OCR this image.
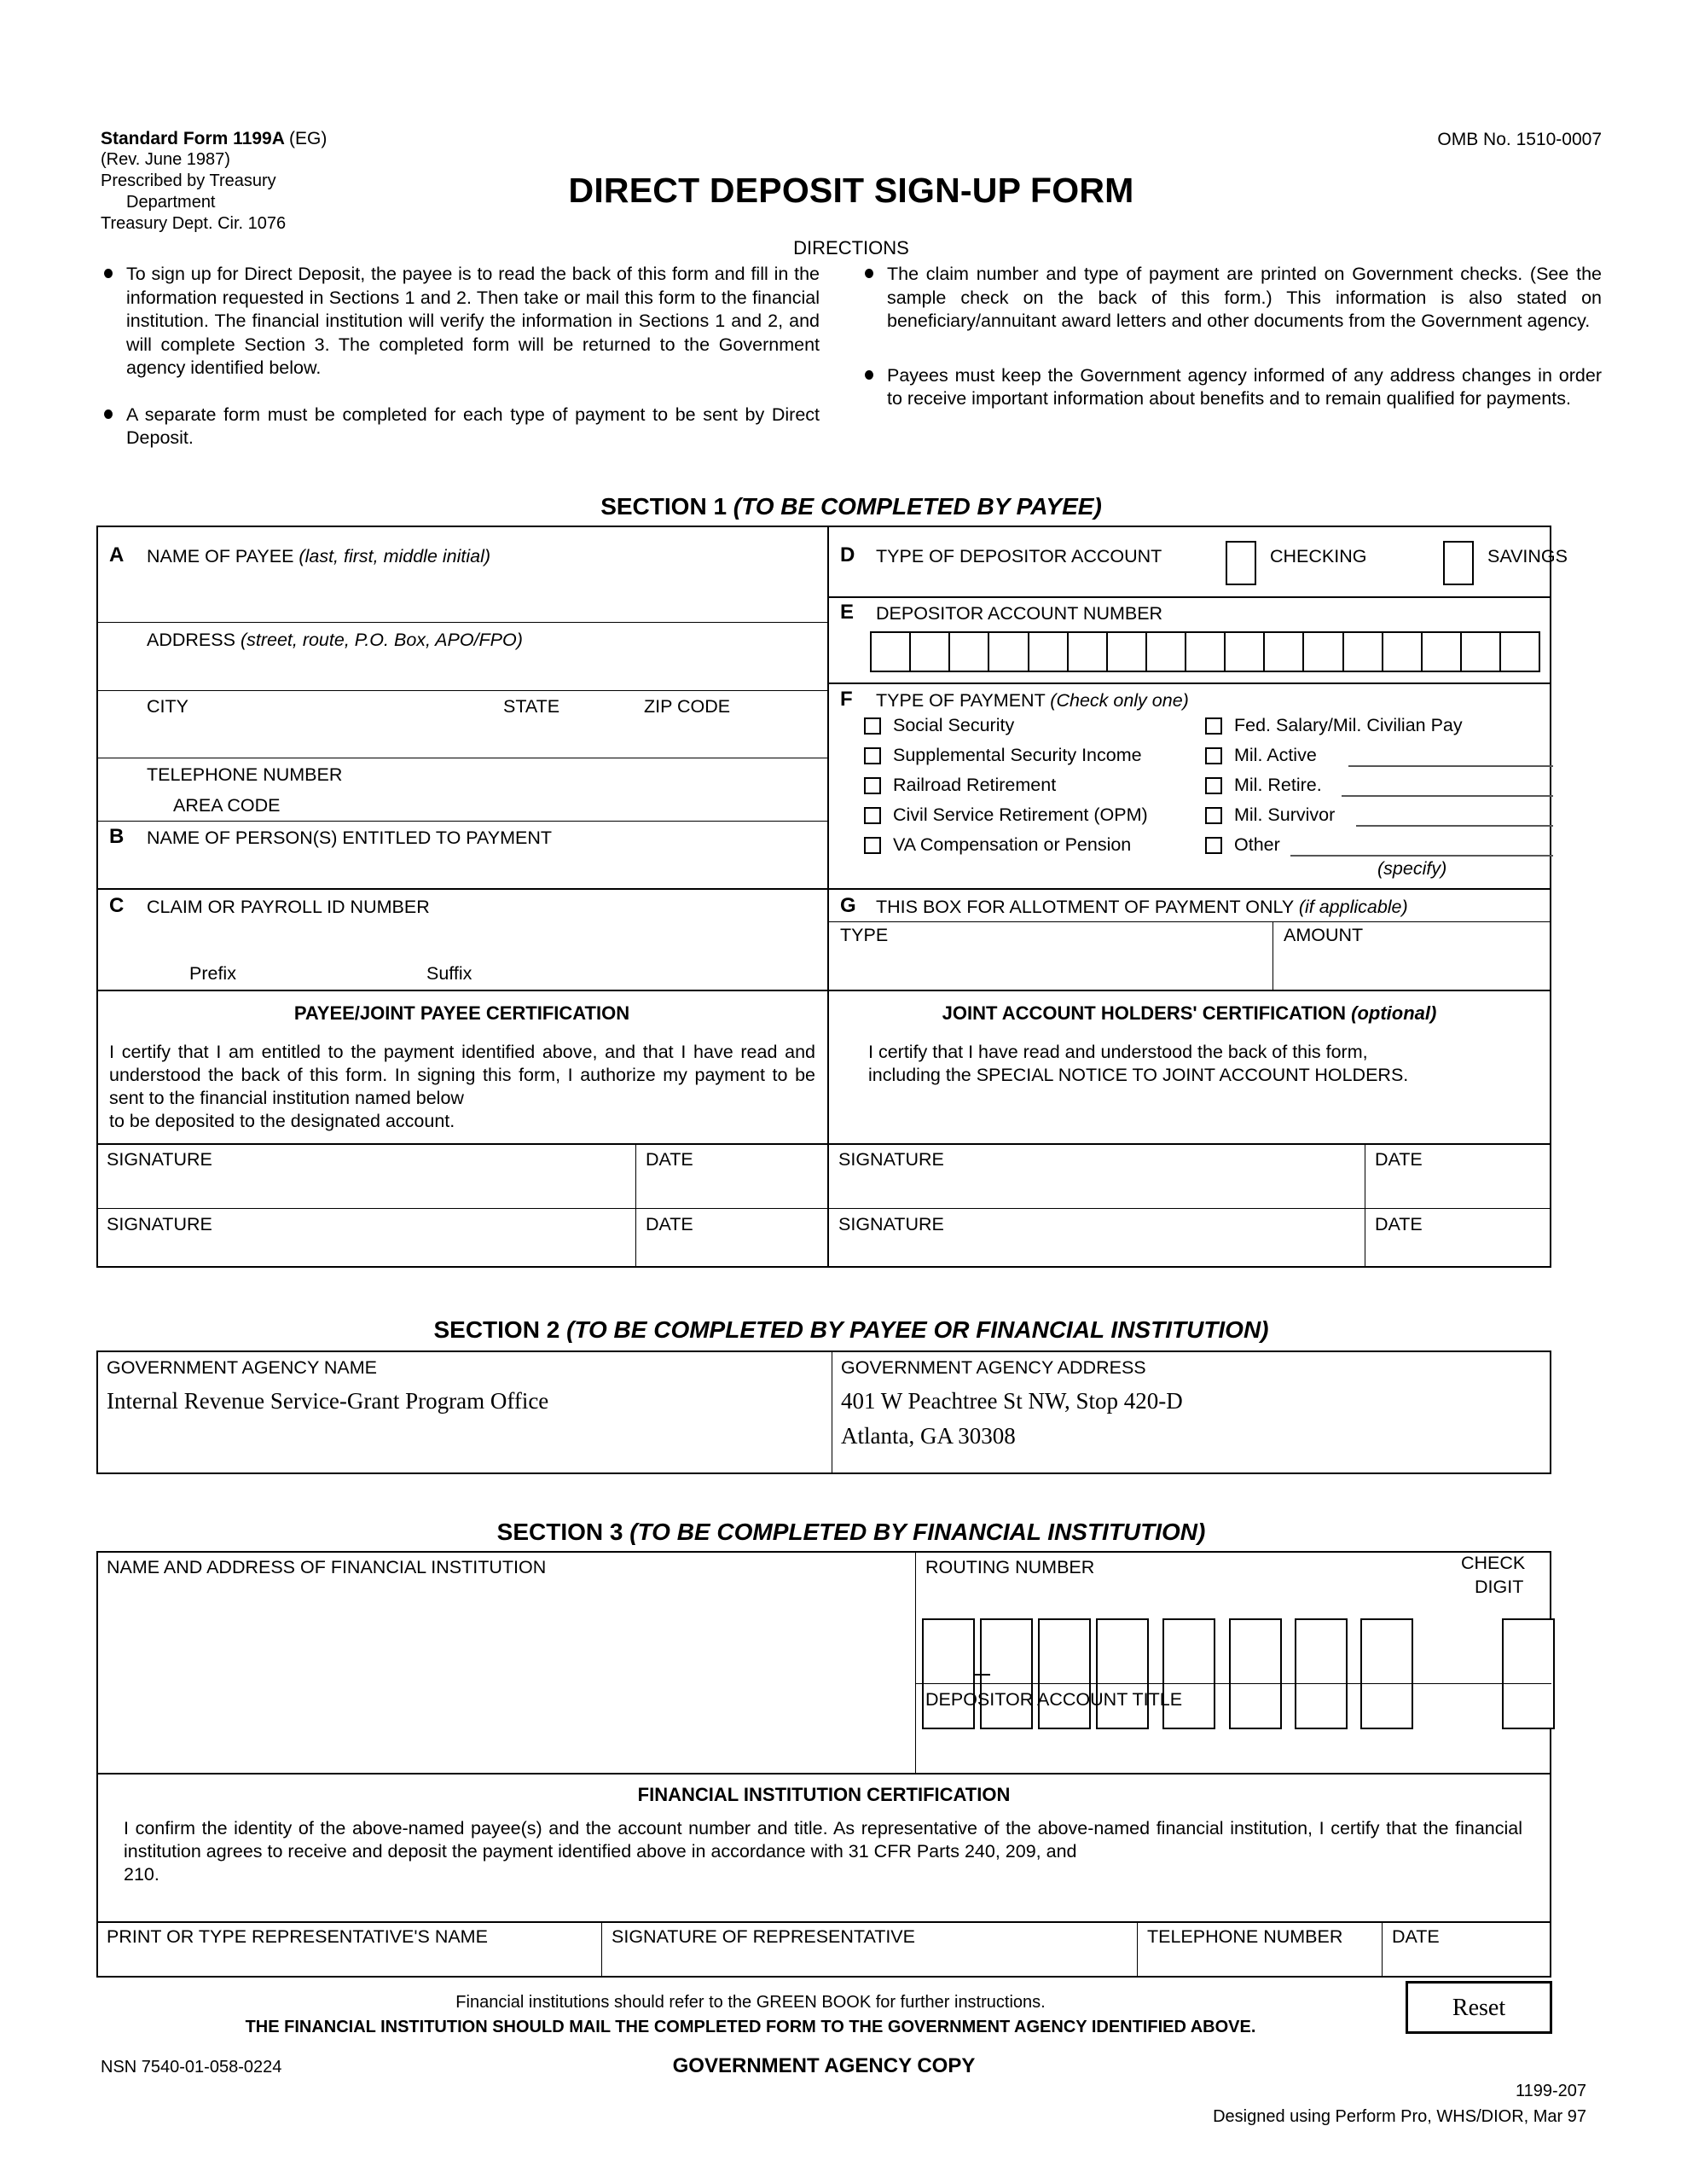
Standard Form 1199A (EG)
(Rev. June 1987)
Prescribed by Treasury
Department
Treasury Dept. Cir. 1076
OMB No. 1510-0007
DIRECT DEPOSIT SIGN-UP FORM
DIRECTIONS
To sign up for Direct Deposit, the payee is to read the back of this form and fill in the information requested in Sections 1 and 2. Then take or mail this form to the financial institution. The financial institution will verify the information in Sections 1 and 2, and will complete Section 3. The completed form will be returned to the Government agency identified below.
A separate form must be completed for each type of payment to be sent by Direct Deposit.
The claim number and type of payment are printed on Government checks. (See the sample check on the back of this form.) This information is also stated on beneficiary/annuitant award letters and other documents from the Government agency.
Payees must keep the Government agency informed of any address changes in order to receive important information about benefits and to remain qualified for payments.
SECTION 1 (TO BE COMPLETED BY PAYEE)
A NAME OF PAYEE (last, first, middle initial)
ADDRESS (street, route, P.O. Box, APO/FPO)
CITY	STATE	ZIP CODE
TELEPHONE NUMBER
AREA CODE
B NAME OF PERSON(S) ENTITLED TO PAYMENT
C CLAIM OR PAYROLL ID NUMBER
Prefix	Suffix
D TYPE OF DEPOSITOR ACCOUNT	CHECKING	SAVINGS
E DEPOSITOR ACCOUNT NUMBER
F TYPE OF PAYMENT (Check only one)
Social Security
Supplemental Security Income
Railroad Retirement
Civil Service Retirement (OPM)
VA Compensation or Pension
Fed. Salary/Mil. Civilian Pay
Mil. Active
Mil. Retire.
Mil. Survivor
Other
(specify)
G THIS BOX FOR ALLOTMENT OF PAYMENT ONLY (if applicable)
TYPE	AMOUNT
PAYEE/JOINT PAYEE CERTIFICATION
I certify that I am entitled to the payment identified above, and that I have read and understood the back of this form. In signing this form, I authorize my payment to be sent to the financial institution named below
to be deposited to the designated account.
JOINT ACCOUNT HOLDERS' CERTIFICATION (optional)
I certify that I have read and understood the back of this form,
including the SPECIAL NOTICE TO JOINT ACCOUNT HOLDERS.
SIGNATURE	DATE	SIGNATURE	DATE
SIGNATURE	DATE	SIGNATURE	DATE
SECTION 2 (TO BE COMPLETED BY PAYEE OR FINANCIAL INSTITUTION)
GOVERNMENT AGENCY NAME
Internal Revenue Service-Grant Program Office
GOVERNMENT AGENCY ADDRESS
401 W Peachtree St NW, Stop 420-D
Atlanta, GA 30308
SECTION 3 (TO BE COMPLETED BY FINANCIAL INSTITUTION)
NAME AND ADDRESS OF FINANCIAL INSTITUTION	ROUTING NUMBER	CHECK
DIGIT
DEPOSITOR ACCOUNT TITLE
FINANCIAL INSTITUTION CERTIFICATION
I confirm the identity of the above-named payee(s) and the account number and title. As representative of the above-named financial institution, I certify that the financial institution agrees to receive and deposit the payment identified above in accordance with 31 CFR Parts 240, 209, and
210.
PRINT OR TYPE REPRESENTATIVE'S NAME	SIGNATURE OF REPRESENTATIVE	TELEPHONE NUMBER	DATE
Financial institutions should refer to the GREEN BOOK for further instructions.
THE FINANCIAL INSTITUTION SHOULD MAIL THE COMPLETED FORM TO THE GOVERNMENT AGENCY IDENTIFIED ABOVE.
Reset
NSN 7540-01-058-0224	GOVERNMENT AGENCY COPY
1199-207
Designed using Perform Pro, WHS/DIOR, Mar 97
